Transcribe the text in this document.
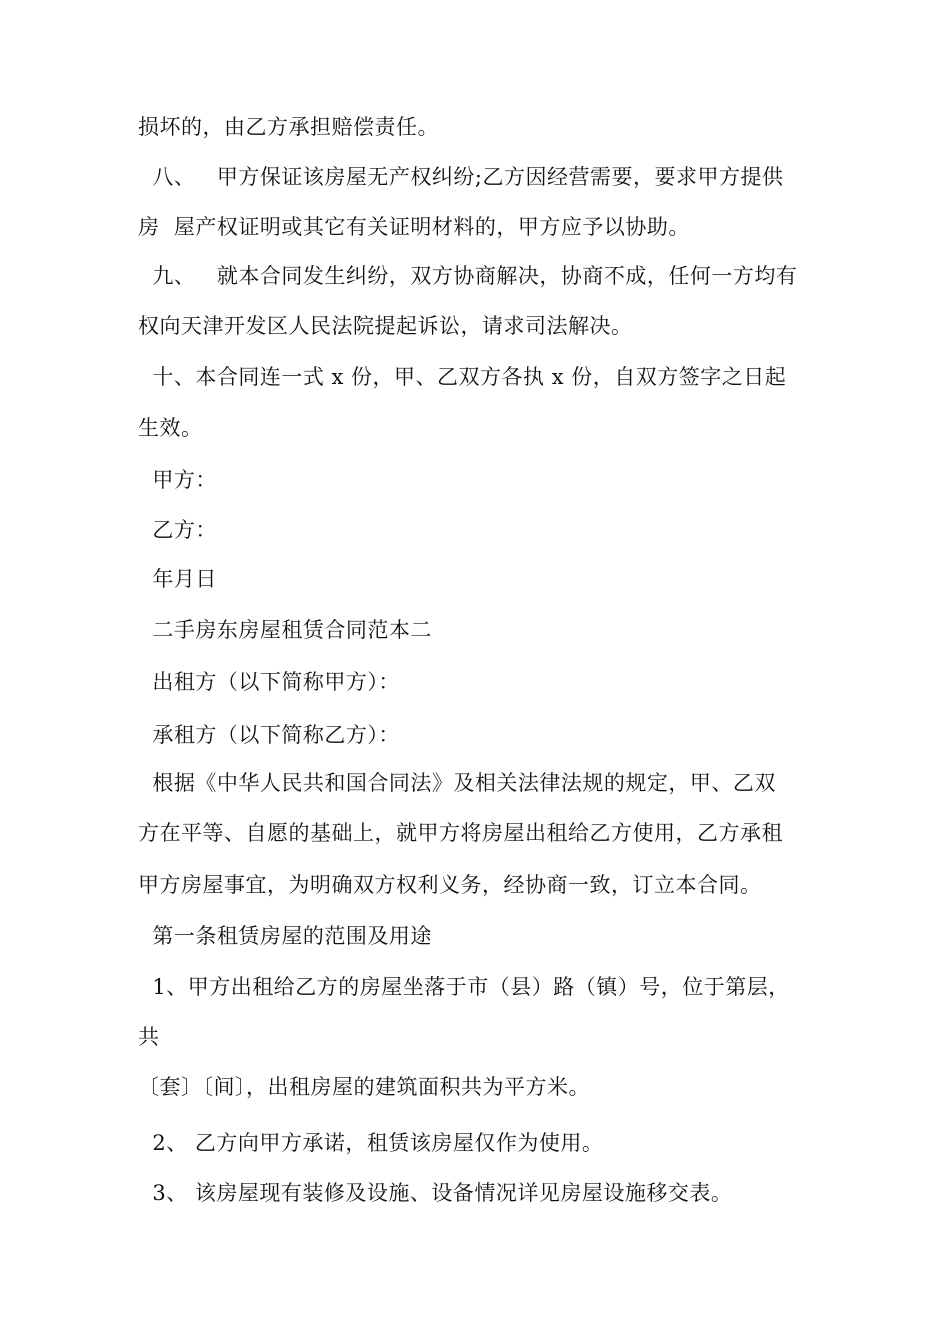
损坏的，由乙方承担赔偿责任。
八、   甲方保证该房屋无产权纠纷;乙方因经营需要，要求甲方提供
房  屋产权证明或其它有关证明材料的，甲方应予以协助。
九、   就本合同发生纠纷，双方协商解决，协商不成，任何一方均有
权向天津开发区人民法院提起诉讼，请求司法解决。
十、本合同连一式 x 份，甲、乙双方各执 x 份，自双方签字之日起
生效。
甲方：
乙方：
年月日
二手房东房屋租赁合同范本二
出租方（以下简称甲方）：
承租方（以下简称乙方）：
根据《中华人民共和国合同法》及相关法律法规的规定，甲、乙双
方在平等、自愿的基础上，就甲方将房屋出租给乙方使用，乙方承租
甲方房屋事宜，为明确双方权利义务，经协商一致，订立本合同。
第一条租赁房屋的范围及用途
1、甲方出租给乙方的房屋坐落于市（县）路（镇）号，位于第层，
共
〔套〕〔间〕，出租房屋的建筑面积共为平方米。
2、 乙方向甲方承诺，租赁该房屋仅作为使用。
3、 该房屋现有装修及设施、设备情况详见房屋设施移交表。
